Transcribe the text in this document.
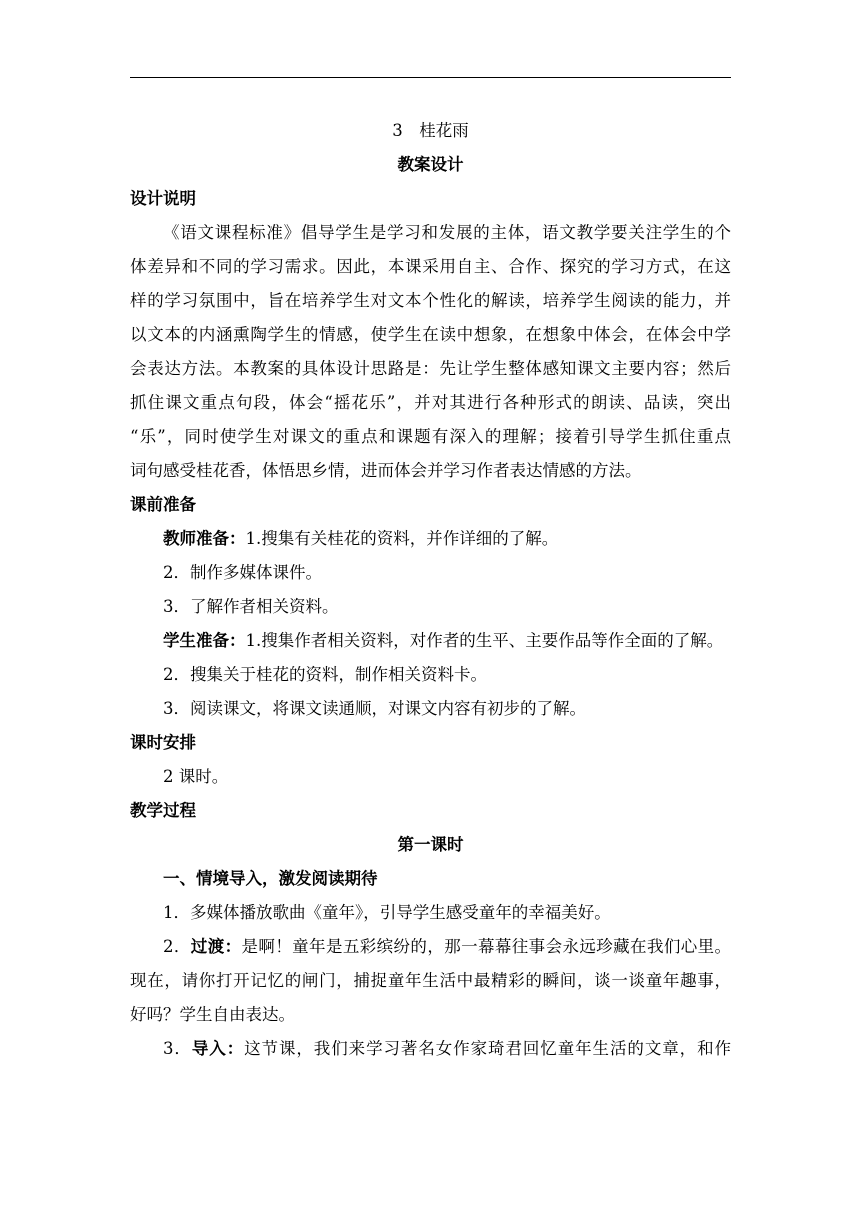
3　桂花雨
教案设计
设计说明
《语文课程标准》倡导学生是学习和发展的主体，语文教学要关注学生的个
体差异和不同的学习需求。因此，本课采用自主、合作、探究的学习方式，在这
样的学习氛围中，旨在培养学生对文本个性化的解读，培养学生阅读的能力，并
以文本的内涵熏陶学生的情感，使学生在读中想象，在想象中体会，在体会中学
会表达方法。本教案的具体设计思路是：先让学生整体感知课文主要内容；然后
抓住课文重点句段，体会“摇花乐”，并对其进行各种形式的朗读、品读，突出
“乐”，同时使学生对课文的重点和课题有深入的理解；接着引导学生抓住重点
词句感受桂花香，体悟思乡情，进而体会并学习作者表达情感的方法。
课前准备
教师准备：1.搜集有关桂花的资料，并作详细的了解。
2．制作多媒体课件。
3．了解作者相关资料。
学生准备：1.搜集作者相关资料，对作者的生平、主要作品等作全面的了解。
2．搜集关于桂花的资料，制作相关资料卡。
3．阅读课文，将课文读通顺，对课文内容有初步的了解。
课时安排
2 课时。
教学过程
第一课时
一、情境导入，激发阅读期待
1．多媒体播放歌曲《童年》，引导学生感受童年的幸福美好。
2．过渡：是啊！童年是五彩缤纷的，那一幕幕往事会永远珍藏在我们心里。
现在，请你打开记忆的闸门，捕捉童年生活中最精彩的瞬间，谈一谈童年趣事，
好吗？学生自由表达。
3．导入：这节课，我们来学习著名女作家琦君回忆童年生活的文章，和作
